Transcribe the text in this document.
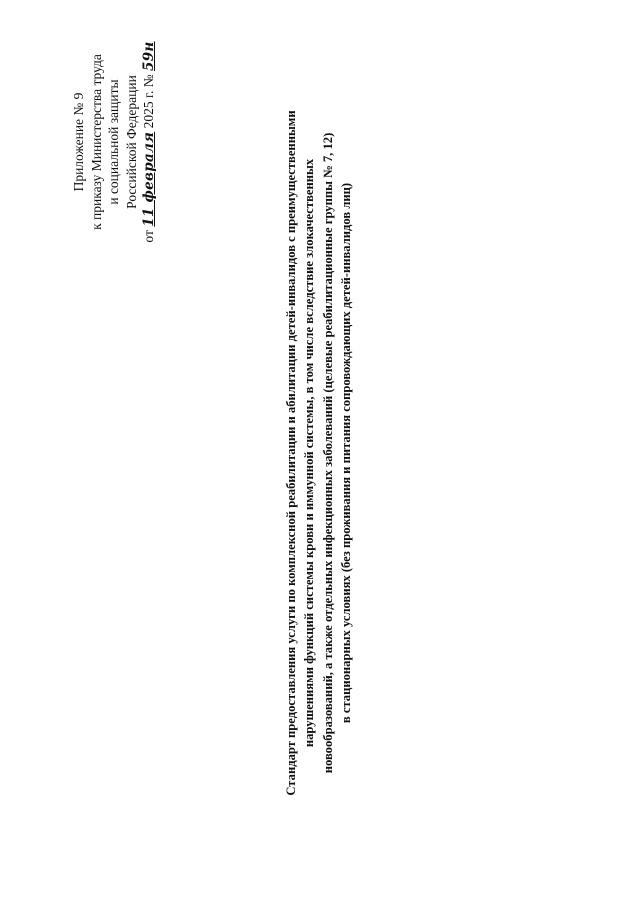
Приложение № 9 к приказу Министерства труда и социальной защиты Российской Федерации
от 11 февраля 2025 г. № 59н
Стандарт предоставления услуги по комплексной реабилитации и абилитации детей-инвалидов с преимущественными нарушениями функций системы крови и иммунной системы, в том числе вследствие злокачественных новообразований, а также отдельных инфекционных заболеваний (целевые реабилитационные группы № 7, 12) в стационарных условиях (без проживания и питания сопровождающих детей-инвалидов лиц)
